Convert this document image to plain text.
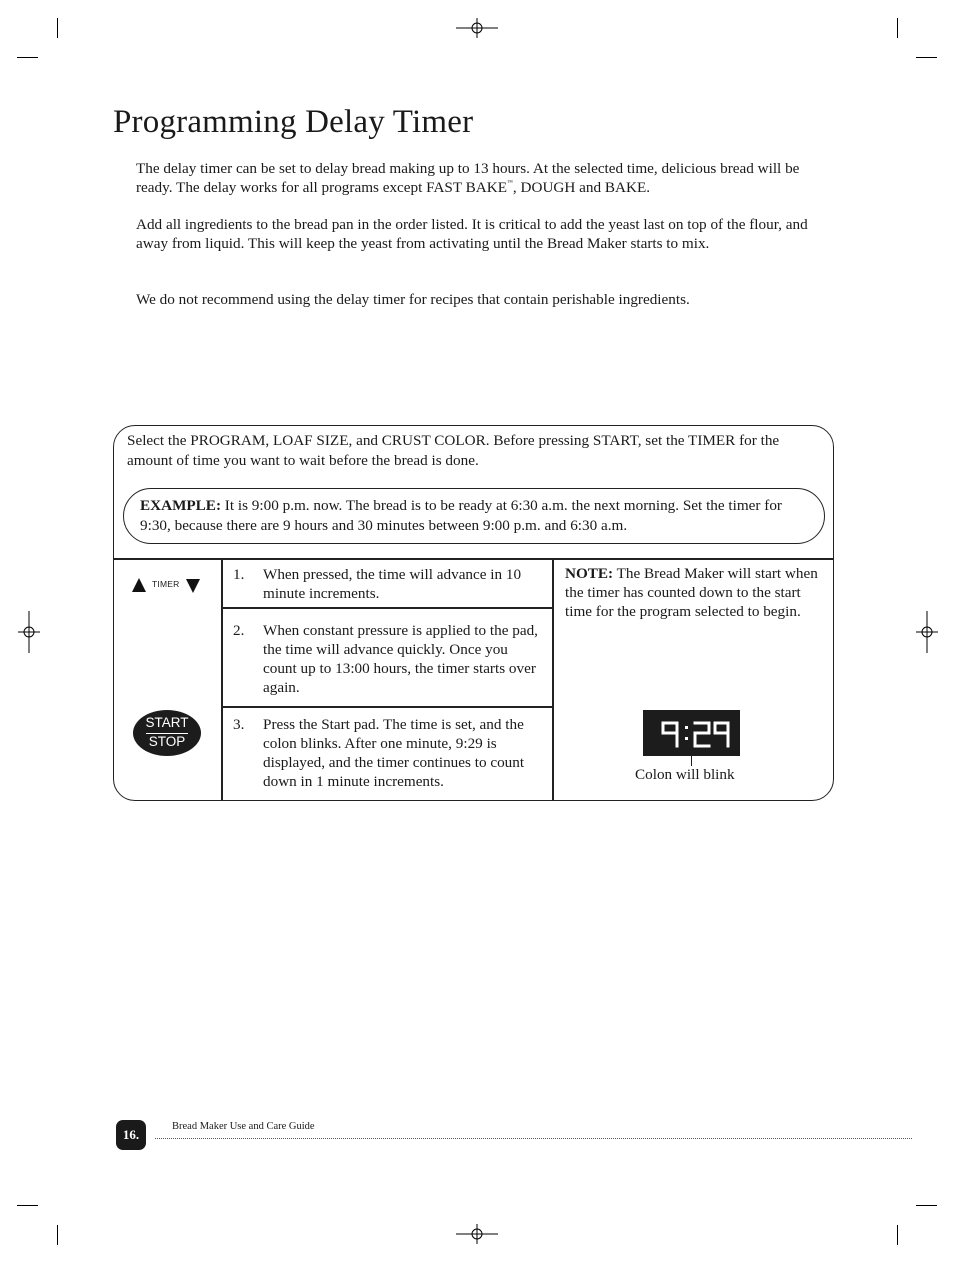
Programming Delay Timer

The delay timer can be set to delay bread making up to 13 hours. At the selected time, delicious bread will be ready. The delay works for all programs except FAST BAKE™, DOUGH and BAKE.

Add all ingredients to the bread pan in the order listed. It is critical to add the yeast last on top of the flour, and away from liquid. This will keep the yeast from activating until the Bread Maker starts to mix.

We do not recommend using the delay timer for recipes that contain perishable ingredients.

Select the PROGRAM, LOAF SIZE, and CRUST COLOR. Before pressing START, set the TIMER for the amount of time you want to wait before the bread is done.

EXAMPLE: It is 9:00 p.m. now. The bread is to be ready at 6:30 a.m. the next morning. Set the timer for 9:30, because there are 9 hours and 30 minutes between 9:00 p.m. and 6:30 a.m.

TIMER
START
STOP
1.	When pressed, the time will advance in 10 minute increments.
2.	When constant pressure is applied to the pad, the time will advance quickly. Once you count up to 13:00 hours, the timer starts over again.
3.	Press the Start pad. The time is set, and the colon blinks. After one minute, 9:29 is displayed, and the timer continues to count down in 1 minute increments.

NOTE: The Bread Maker will start when the timer has counted down to the start time for the program selected to begin.

9:29

Colon will blink

16.
Bread Maker Use and Care Guide
